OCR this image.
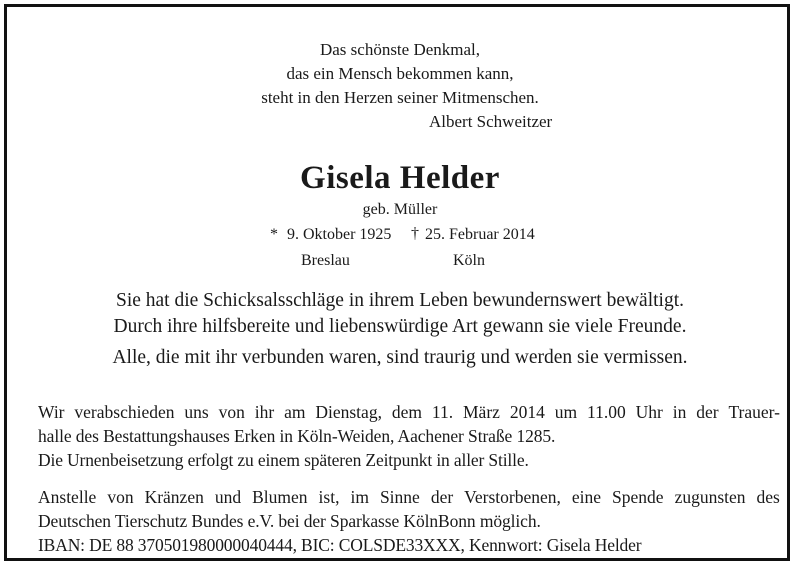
Das schönste Denkmal,
das ein Mensch bekommen kann,
steht in den Herzen seiner Mitmenschen.
Albert Schweitzer
Gisela Helder
geb. Müller
* 9. Oktober 1925 † 25. Februar 2014
Breslau	Köln
Sie hat die Schicksalsschläge in ihrem Leben bewundernswert bewältigt.
Durch ihre hilfsbereite und liebenswürdige Art gewann sie viele Freunde.
Alle, die mit ihr verbunden waren, sind traurig und werden sie vermissen.
Wir verabschieden uns von ihr am Dienstag, dem 11. März 2014 um 11.00 Uhr in der Trauer-
halle des Bestattungshauses Erken in Köln-Weiden, Aachener Straße 1285.
Die Urnenbeisetzung erfolgt zu einem späteren Zeitpunkt in aller Stille.
Anstelle von Kränzen und Blumen ist, im Sinne der Verstorbenen, eine Spende zugunsten des
Deutschen Tierschutz Bundes e.V. bei der Sparkasse KölnBonn möglich.
IBAN: DE 88 370501980000040444, BIC: COLSDE33XXX, Kennwort: Gisela Helder
